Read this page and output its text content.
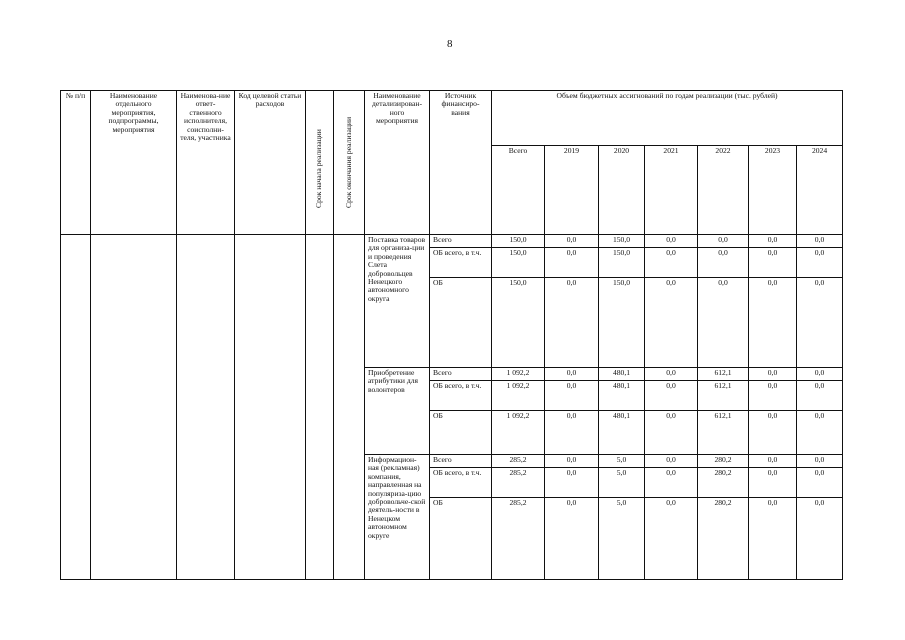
8
№ п/п	Наименование отдельного мероприятия, подпрограммы, мероприятия	Наименова-ние ответ-ственного исполнителя, соисполни-теля, участника	Код целевой статьи расходов	Срок начала реализации	Срок окончания реализации	Наименование детализирован-ного мероприятия	Источник финансиро-вания	Объем бюджетных ассигнований по годам реализации (тыс. рублей)						
								Всего	2019	2020	2021	2022	2023	2024
						Поставка товаров для организа-ции и проведения Слета добровольцев Ненецкого автономного округа	Всего	150,0	0,0	150,0	0,0	0,0	0,0	0,0
							ОБ всего, в т.ч.	150,0	0,0	150,0	0,0	0,0	0,0	0,0
							ОБ	150,0	0,0	150,0	0,0	0,0	0,0	0,0
						Приобретение атрибутики для волонтеров	Всего	1 092,2	0,0	480,1	0,0	612,1	0,0	0,0
							ОБ всего, в т.ч.	1 092,2	0,0	480,1	0,0	612,1	0,0	0,0
							ОБ	1 092,2	0,0	480,1	0,0	612,1	0,0	0,0
						Информацион-ная (рекламная) компания, направленная на популяриза-цию добровольче-ской деятель-ности в Ненецком автономном округе	Всего	285,2	0,0	5,0	0,0	280,2	0,0	0,0
							ОБ всего, в т.ч.	285,2	0,0	5,0	0,0	280,2	0,0	0,0
							ОБ	285,2	0,0	5,0	0,0	280,2	0,0	0,0
